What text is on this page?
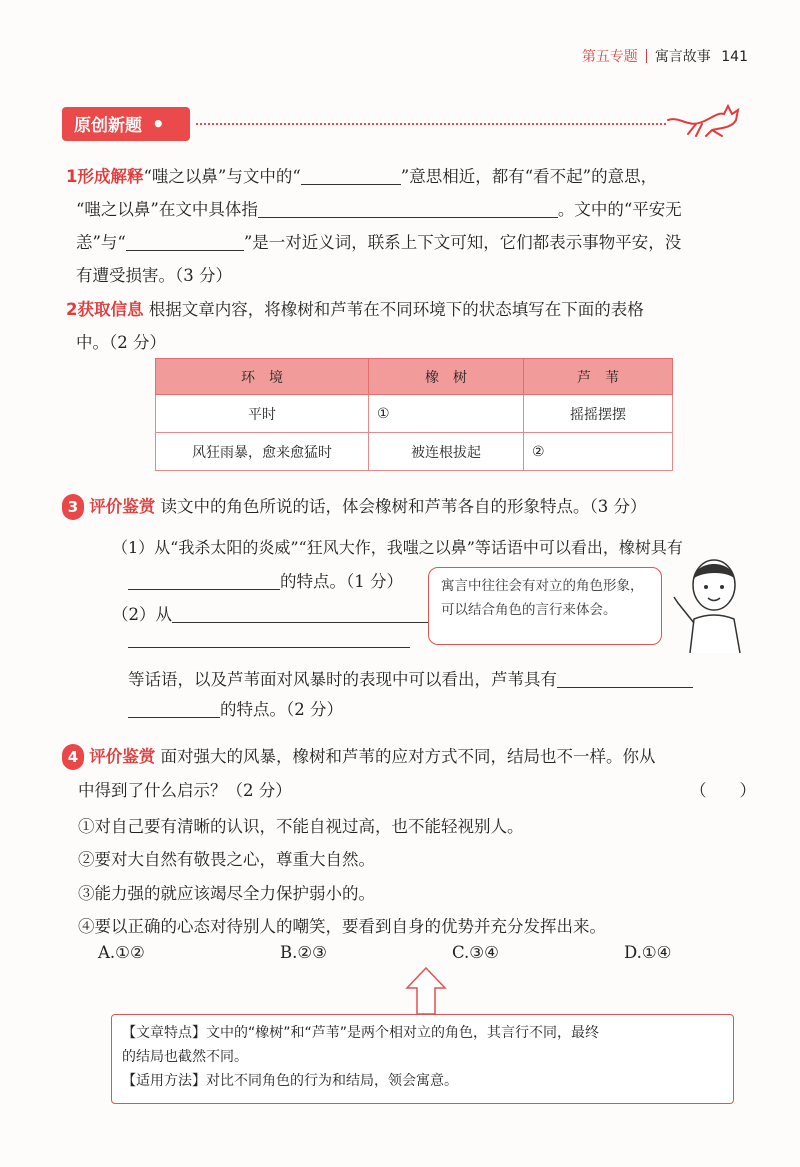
第五专题 寓言故事 141
原创新题 •
1形成解释“嗤之以鼻”与文中的“	”意思相近，都有“看不起”的意思，
“嗤之以鼻”在文中具体指	。文中的“平安无
恙”与“	”是一对近义词，联系上下文可知，它们都表示事物平安，没
有遭受损害。（3 分）
2获取信息 根据文章内容，将橡树和芦苇在不同环境下的状态填写在下面的表格
中。（2 分）
环　境	橡　树	芦　苇
平时	①	摇摇摆摆
风狂雨暴，愈来愈猛时	被连根拔起	②
3 评价鉴赏 读文中的角色所说的话，体会橡树和芦苇各自的形象特点。（3 分）
（1）从“我杀太阳的炎威”“狂风大作，我嗤之以鼻”等话语中可以看出，橡树具有
的特点。（1 分）
（2）从
等话语，以及芦苇面对风暴时的表现中可以看出，芦苇具有
的特点。（2 分）
寓言中往往会有对立的角色形象，可以结合角色的言行来体会。
4 评价鉴赏 面对强大的风暴，橡树和芦苇的应对方式不同，结局也不一样。你从
中得到了什么启示？（2 分）	（　　）
①对自己要有清晰的认识，不能自视过高，也不能轻视别人。
②要对大自然有敬畏之心，尊重大自然。
③能力强的就应该竭尽全力保护弱小的。
④要以正确的心态对待别人的嘲笑，要看到自身的优势并充分发挥出来。
A.①②	B.②③	C.③④	D.①④
【文章特点】文中的“橡树”和“芦苇”是两个相对立的角色，其言行不同，最终
的结局也截然不同。
【适用方法】对比不同角色的行为和结局，领会寓意。
